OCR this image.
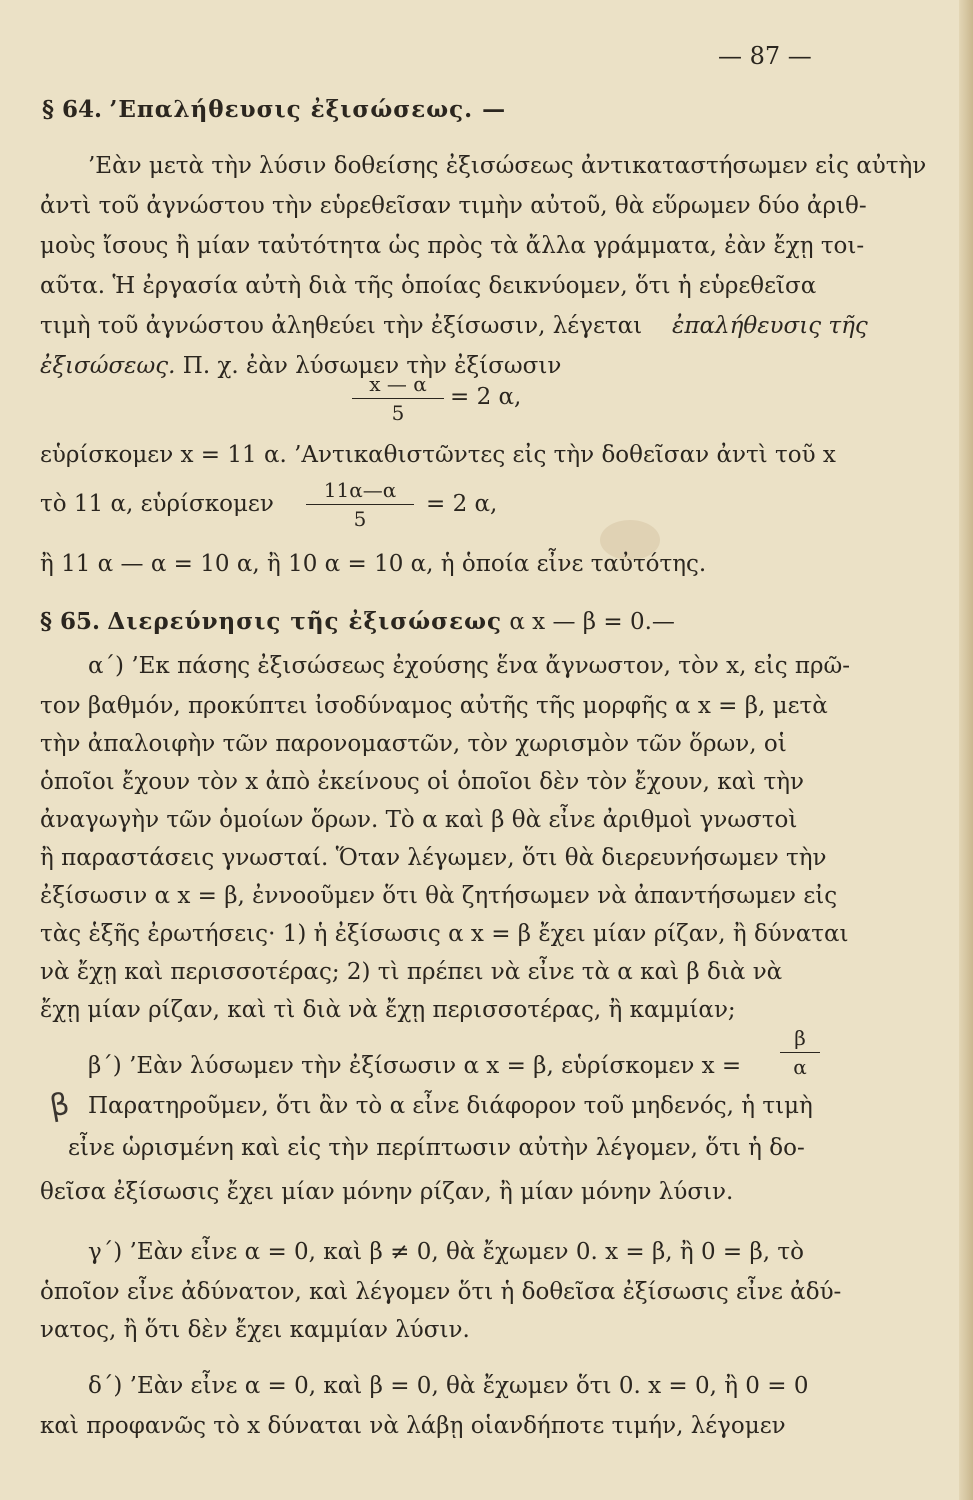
— 87 —
§ 64. ’Επαλήθευσις ἐξισώσεως. —
’Εὰν μετὰ τὴν λύσιν δοθείσης ἐξισώσεως ἀντικαταστήσωμεν εἰς αὐτὴν
ἀντὶ τοῦ ἀγνώστου τὴν εὑρεθεῖσαν τιμὴν αὐτοῦ, θὰ εὕρωμεν δύο ἀριθ-
μοὺς ἴσους ἢ μίαν ταὐτότητα ὡς πρὸς τὰ ἄλλα γράμματα, ἐὰν ἔχῃ τοι-
αῦτα. Ἡ ἐργασία αὐτὴ διὰ τῆς ὁποίας δεικνύομεν, ὅτι ἡ εὑρεθεῖσα
τιμὴ τοῦ ἀγνώστου ἀληθεύει τὴν ἐξίσωσιν, λέγεται ἐπαλήθευσις τῆς
ἐξισώσεως. Π. χ. ἐὰν λύσωμεν τὴν ἐξίσωσιν
x — α
5
= 2 α,
εὑρίσκομεν x = 11 α. ’Αντικαθιστῶντες εἰς τὴν δοθεῖσαν ἀντὶ τοῦ x
τὸ 11 α, εὑρίσκομεν
11α—α
5
= 2 α,
ἢ 11 α — α = 10 α, ἢ 10 α = 10 α, ἡ ὁποία εἶνε ταὐτότης.
§ 65. Διερεύνησις τῆς ἐξισώσεως α x — β = 0.—
α΄) ’Εκ πάσης ἐξισώσεως ἐχούσης ἕνα ἄγνωστον, τὸν x, εἰς πρῶ-
τον βαθμόν, προκύπτει ἰσοδύναμος αὐτῆς τῆς μορφῆς α x = β, μετὰ
τὴν ἀπαλοιφὴν τῶν παρονομαστῶν, τὸν χωρισμὸν τῶν ὅρων, οἱ
ὁποῖοι ἔχουν τὸν x ἀπὸ ἐκείνους οἱ ὁποῖοι δὲν τὸν ἔχουν, καὶ τὴν
ἀναγωγὴν τῶν ὁμοίων ὅρων. Τὸ α καὶ β θὰ εἶνε ἀριθμοὶ γνωστοὶ
ἢ παραστάσεις γνωσταί. Ὅταν λέγωμεν, ὅτι θὰ διερευνήσωμεν τὴν
ἐξίσωσιν α x = β, ἐννοοῦμεν ὅτι θὰ ζητήσωμεν νὰ ἀπαντήσωμεν εἰς
τὰς ἑξῆς ἐρωτήσεις· 1) ἡ ἐξίσωσις α x = β ἔχει μίαν ρίζαν, ἢ δύναται
νὰ ἔχῃ καὶ περισσοτέρας; 2) τὶ πρέπει νὰ εἶνε τὰ α καὶ β διὰ νὰ
ἔχῃ μίαν ρίζαν, καὶ τὶ διὰ νὰ ἔχῃ περισσοτέρας, ἢ καμμίαν;
β΄) ’Εὰν λύσωμεν τὴν ἐξίσωσιν α x = β, εὑρίσκομεν x =
β
α
β Παρατηροῦμεν, ὅτι ἂν τὸ α εἶνε διάφορον τοῦ μηδενός, ἡ τιμὴ
εἶνε ὡρισμένη καὶ εἰς τὴν περίπτωσιν αὐτὴν λέγομεν, ὅτι ἡ δο-
θεῖσα ἐξίσωσις ἔχει μίαν μόνην ρίζαν, ἢ μίαν μόνην λύσιν.
γ΄) ’Εὰν εἶνε α = 0, καὶ β ≠ 0, θὰ ἔχωμεν 0. x = β, ἢ 0 = β, τὸ
ὁποῖον εἶνε ἀδύνατον, καὶ λέγομεν ὅτι ἡ δοθεῖσα ἐξίσωσις εἶνε ἀδύ-
νατος, ἢ ὅτι δὲν ἔχει καμμίαν λύσιν.
δ΄) ’Εὰν εἶνε α = 0, καὶ β = 0, θὰ ἔχωμεν ὅτι 0. x = 0, ἢ 0 = 0
καὶ προφανῶς τὸ x δύναται νὰ λάβῃ οἱανδήποτε τιμήν, λέγομεν
